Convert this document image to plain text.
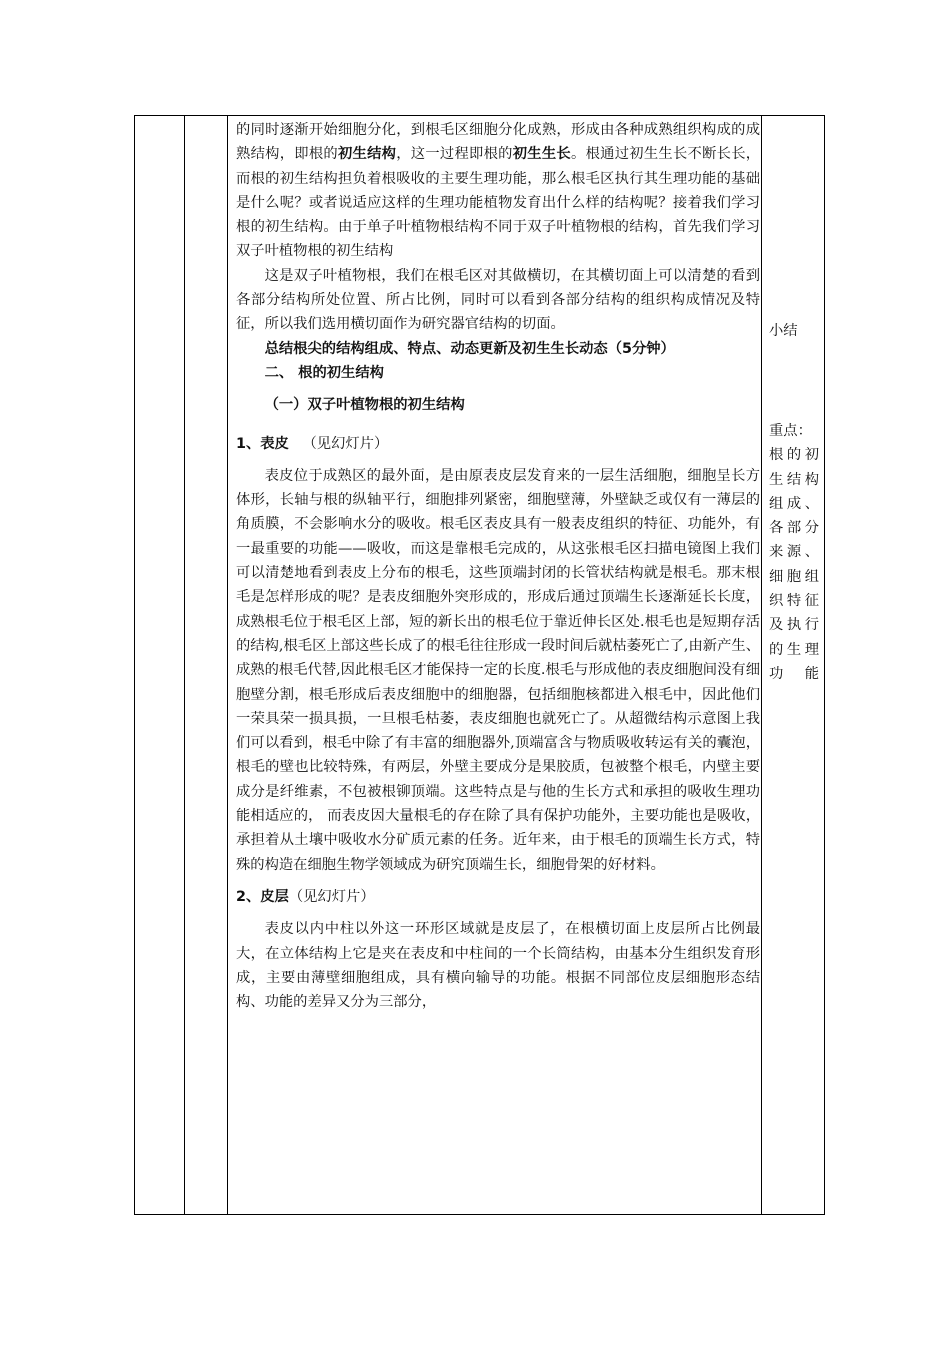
的同时逐渐开始细胞分化，到根毛区细胞分化成熟，形成由各种成熟组织构成的成熟结构，即根的初生结构，这一过程即根的初生生长。根通过初生生长不断长长，而根的初生结构担负着根吸收的主要生理功能，那么根毛区执行其生理功能的基础是什么呢？或者说适应这样的生理功能植物发育出什么样的结构呢？接着我们学习根的初生结构。由于单子叶植物根结构不同于双子叶植物根的结构，首先我们学习双子叶植物根的初生结构

这是双子叶植物根，我们在根毛区对其做横切，在其横切面上可以清楚的看到各部分结构所处位置、所占比例，同时可以看到各部分结构的组织构成情况及特征，所以我们选用横切面作为研究器官结构的切面。

总结根尖的结构组成、特点、动态更新及初生生长动态（5分钟）

二、 根的初生结构

（一）双子叶植物根的初生结构

1、表皮 （见幻灯片）

表皮位于成熟区的最外面，是由原表皮层发育来的一层生活细胞，细胞呈长方体形，长轴与根的纵轴平行，细胞排列紧密，细胞壁薄，外壁缺乏或仅有一薄层的角质膜，不会影响水分的吸收。根毛区表皮具有一般表皮组织的特征、功能外，有一最重要的功能——吸收，而这是靠根毛完成的，从这张根毛区扫描电镜图上我们可以清楚地看到表皮上分布的根毛，这些顶端封闭的长管状结构就是根毛。那末根毛是怎样形成的呢？是表皮细胞外突形成的，形成后通过顶端生长逐渐延长长度，成熟根毛位于根毛区上部，短的新长出的根毛位于靠近伸长区处.根毛也是短期存活的结构,根毛区上部这些长成了的根毛往往形成一段时间后就枯萎死亡了,由新产生、成熟的根毛代替,因此根毛区才能保持一定的长度.根毛与形成他的表皮细胞间没有细胞壁分割，根毛形成后表皮细胞中的细胞器，包括细胞核都进入根毛中，因此他们一荣具荣一损具损，一旦根毛枯萎，表皮细胞也就死亡了。从超微结构示意图上我们可以看到，根毛中除了有丰富的细胞器外,顶端富含与物质吸收转运有关的囊泡，根毛的壁也比较特殊，有两层，外壁主要成分是果胶质，包被整个根毛，内壁主要成分是纤维素，不包被根铆顶端。这些特点是与他的生长方式和承担的吸收生理功能相适应的， 而表皮因大量根毛的存在除了具有保护功能外，主要功能也是吸收，承担着从土壤中吸收水分矿质元素的任务。近年来，由于根毛的顶端生长方式，特殊的构造在细胞生物学领域成为研究顶端生长，细胞骨架的好材料。

2、皮层（见幻灯片）

表皮以内中柱以外这一环形区域就是皮层了，在根横切面上皮层所占比例最大，在立体结构上它是夹在表皮和中柱间的一个长筒结构，由基本分生组织发育形成，主要由薄壁细胞组成，具有横向输导的功能。根据不同部位皮层细胞形态结构、功能的差异又分为三部分，

小结
重点：
根的初生结构组成、各部分来源、细胞组织特征及执行的生理功能
